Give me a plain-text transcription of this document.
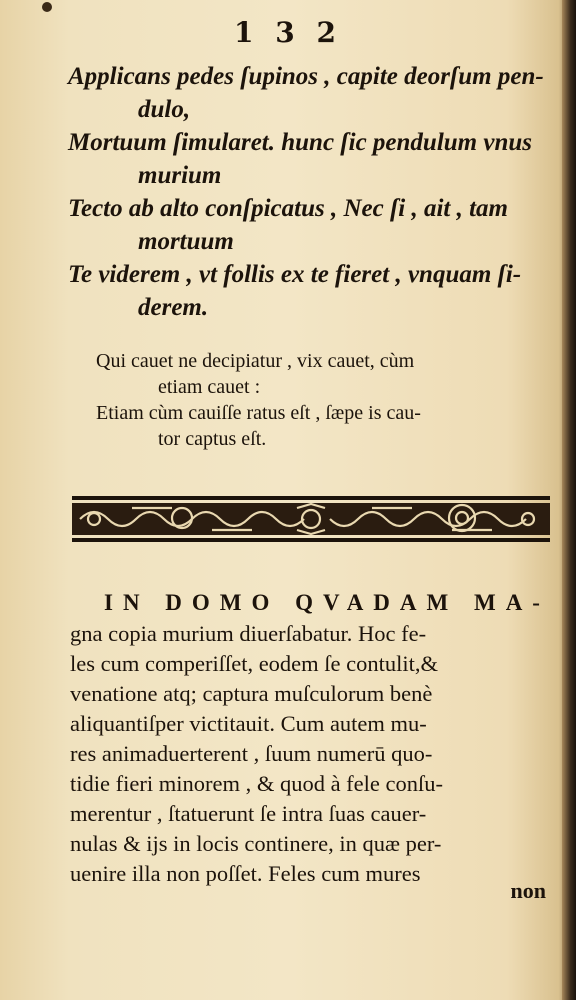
1 3 2
Applicans pedes ſupinos , capite deorſum pen-
dulo,
Mortuum ſimularet. hunc ſic pendulum vnus
murium
Tecto ab alto conſpicatus , Nec ſi , ait , tam
mortuum
Te viderem , vt follis ex te fieret , vnquam ſi-
derem.
Qui cauet ne decipiatur , vix cauet, cùm
etiam cauet :
Etiam cùm cauiſſe ratus eſt , ſæpe is cau-
tor captus eſt.
IN DOMO QVADAM MA-
gna copia murium diuerſabatur. Hoc fe-
les cum comperiſſet, eodem ſe contulit,&
venatione atq; captura muſculorum benè
aliquantiſper victitauit. Cum autem mu-
res animaduerterent , ſuum numerū quo-
tidie fieri minorem , & quod à fele conſu-
merentur , ſtatuerunt ſe intra ſuas cauer-
nulas & ijs in locis continere, in quæ per-
uenire illa non poſſet. Feles cum mures
non
